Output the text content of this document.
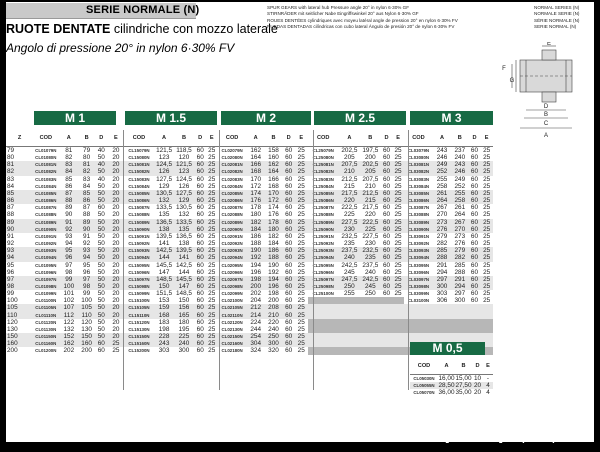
SERIE NORMALE (N)
RUOTE DENTATE cilindriche con mozzo laterale
Angolo di pressione 20° in nylon 6·30% FV
SPUR GEARS with lateral hub Pressure angle 20° in nylon 6·30% GF
STIRNRÄDER mit seitlicher Nabe Eingriffswinkel 20° aus Nylon 6·30% GF
ROUES DENTÉES cylindriques avec moyeu latéral angle de pression 20° en nylon 6·30% FV
RUEDAS DENTADAS cilíndricas con cubo lateral Ángulo de presión 20° de nylon 6·30% FV
NORMAL SERIES (N)
NORMALE SERIE (N)
SÉRIE NORMALE (N)
SERIE NORMAL (N)
E
F
G
D
B
C
A
M 1	M 1.5	M 2	M 2.5	M 3
Z	COD	A	B	D	E	COD	A	B	D	E	COD	A	B	D	E	COD	A	B	D	E	COD	A	B	D	E
79	CL01079N	81	79	40	20	CL15079N	121,5	118,5	60	25	CL02079N	162	158	60	25	CL25079N	202,5	197,5	60	25	CL03079N	243	237	60	25
80	CL01080N	82	80	50	20	CL15080N	123	120	60	25	CL02080N	164	160	60	25	CL25080N	205	200	60	25	CL03080N	246	240	60	25
81	CL01081N	83	81	40	20	CL15081N	124,5	121,5	60	25	CL02081N	166	162	60	25	CL25081N	207,5	202,5	60	25	CL03081N	249	243	60	25
82	CL01082N	84	82	50	20	CL15082N	126	123	60	25	CL02082N	168	164	60	25	CL25082N	210	205	60	25	CL03082N	252	246	60	25
83	CL01083N	85	83	40	20	CL15083N	127,5	124,5	60	25	CL02083N	170	166	60	25	CL25083N	212,5	207,5	60	25	CL03083N	255	249	60	25
84	CL01084N	86	84	50	20	CL15084N	129	126	60	25	CL02084N	172	168	60	25	CL25084N	215	210	60	25	CL03084N	258	252	60	25
85	CL01085N	87	85	50	20	CL15085N	130,5	127,5	60	25	CL02085N	174	170	60	25	CL25085N	217,5	212,5	60	25	CL03085N	261	255	60	25
86	CL01086N	88	86	50	20	CL15086N	132	129	60	25	CL02086N	176	172	60	25	CL25086N	220	215	60	25	CL03086N	264	258	60	25
87	CL01087N	89	87	60	20	CL15087N	133,5	130,5	60	25	CL02087N	178	174	60	25	CL25087N	222,5	217,5	60	25	CL03087N	267	261	60	25
88	CL01088N	90	88	50	20	CL15088N	135	132	60	25	CL02088N	180	176	60	25	CL25088N	225	220	60	25	CL03088N	270	264	60	25
89	CL01089N	91	89	50	20	CL15089N	136,5	133,5	60	25	CL02089N	182	178	60	25	CL25089N	227,5	222,5	60	25	CL03089N	273	267	60	25
90	CL01090N	92	90	50	20	CL15090N	138	135	60	25	CL02090N	184	180	60	25	CL25090N	230	225	60	25	CL03090N	276	270	60	25
91	CL01091N	93	91	50	20	CL15091N	139,5	136,5	60	25	CL02091N	186	182	60	25	CL25091N	232,5	227,5	60	25	CL03091N	279	273	60	25
92	CL01092N	94	92	50	20	CL15092N	141	138	60	25	CL02092N	188	184	60	25	CL25092N	235	230	60	25	CL03092N	282	276	60	25
93	CL01093N	95	93	50	20	CL15093N	142,5	139,5	60	25	CL02093N	190	186	60	25	CL25093N	237,5	232,5	60	25	CL03093N	285	279	60	25
94	CL01094N	96	94	50	20	CL15094N	144	141	60	25	CL02094N	192	188	60	25	CL25094N	240	235	60	25	CL03094N	288	282	60	25
95	CL01095N	97	95	50	20	CL15095N	145,5	142,5	60	25	CL02095N	194	190	60	25	CL25095N	242,5	237,5	60	25	CL03095N	291	285	60	25
96	CL01096N	98	96	50	20	CL15096N	147	144	60	25	CL02096N	196	192	60	25	CL25096N	245	240	60	25	CL03096N	294	288	60	25
97	CL01097N	99	97	50	20	CL15097N	148,5	145,5	60	25	CL02097N	198	194	60	25	CL25097N	247,5	242,5	60	25	CL03097N	297	291	60	25
98	CL01098N	100	98	50	20	CL15098N	150	147	60	25	CL02098N	200	196	60	25	CL25098N	250	245	60	25	CL03098N	300	294	60	25
99	CL01099N	101	99	50	20	CL15099N	151,5	148,5	60	25	CL02099N	202	198	60	25	CL25100N	255	250	60	25	CL03099N	303	297	60	25
100	CL01100N	102	100	50	20	CL15100N	153	150	60	25	CL02100N	204	200	60	25						CL03100N	306	300	60	25
105	CL01105N	107	105	50	20	CL15105N	159	156	60	25	CL02105N	212	208	60	25										
110	CL01110N	112	110	50	20	CL15110N	168	165	60	25	CL02110N	214	210	60	25										
120	CL01120N	122	120	50	20	CL15120N	183	180	60	25	CL02120N	224	220	60	25										
130	CL01130N	132	130	50	20	CL15130N	198	195	60	25	CL02130N	244	240	60	25										
150	CL01150N	152	150	50	20	CL15150N	228	225	60	25	CL02150N	254	250	60	25										
160	CL01160N	162	160	60	25	CL15160N	243	240	60	25	CL02160N	304	300	60	25										
200	CL01200N	202	200	60	25	CL15200N	303	300	60	25	CL02180N	324	320	60	25											M 0,5
COD	A	B	D	E
CL05030N	16,00	15,00	10	-
CL05055N	28,50	27,50	20	4
CL05070N	36,00	35,00	20	4
[1229x886]http://upic.me/
